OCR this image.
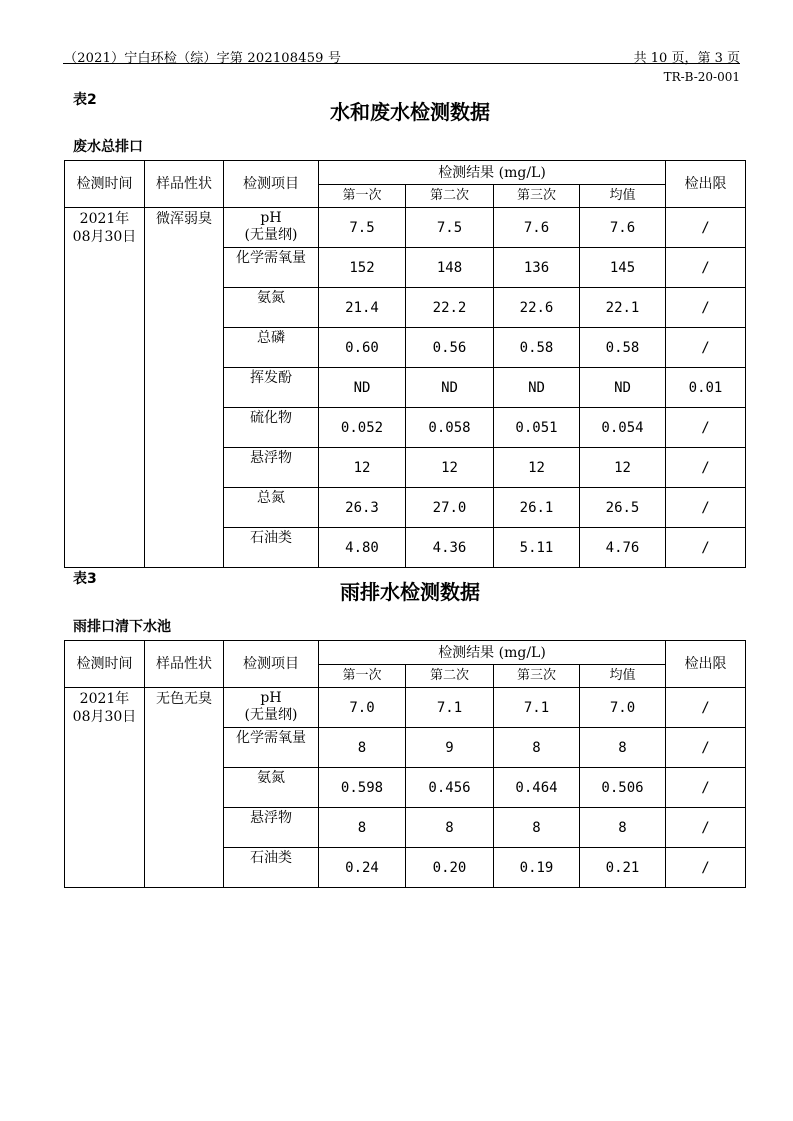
（2021）宁白环检（综）字第 202108459 号	共 10 页，第 3 页
TR-B-20-001
表2	水和废水检测数据
废水总排口
检测时间	样品性状	检测项目	检测结果 (mg/L)				检出限
			第一次	第二次	第三次	均值	
2021年08月30日	微浑弱臭	pH
(无量纲)	7.5	7.5	7.6	7.6	/
		化学需氧量	152	148	136	145	/
		氨氮	21.4	22.2	22.6	22.1	/
		总磷	0.60	0.56	0.58	0.58	/
		挥发酚	ND	ND	ND	ND	0.01
		硫化物	0.052	0.058	0.051	0.054	/
		悬浮物	12	12	12	12	/
		总氮	26.3	27.0	26.1	26.5	/
		石油类	4.80	4.36	5.11	4.76	/
表3
雨排水检测数据
雨排口清下水池
检测时间	样品性状	检测项目	检测结果 (mg/L)				检出限
			第一次	第二次	第三次	均值	
2021年08月30日	无色无臭	pH
(无量纲)	7.0	7.1	7.1	7.0	/
		化学需氧量	8	9	8	8	/
		氨氮	0.598	0.456	0.464	0.506	/
		悬浮物	8	8	8	8	/
		石油类	0.24	0.20	0.19	0.21	/
